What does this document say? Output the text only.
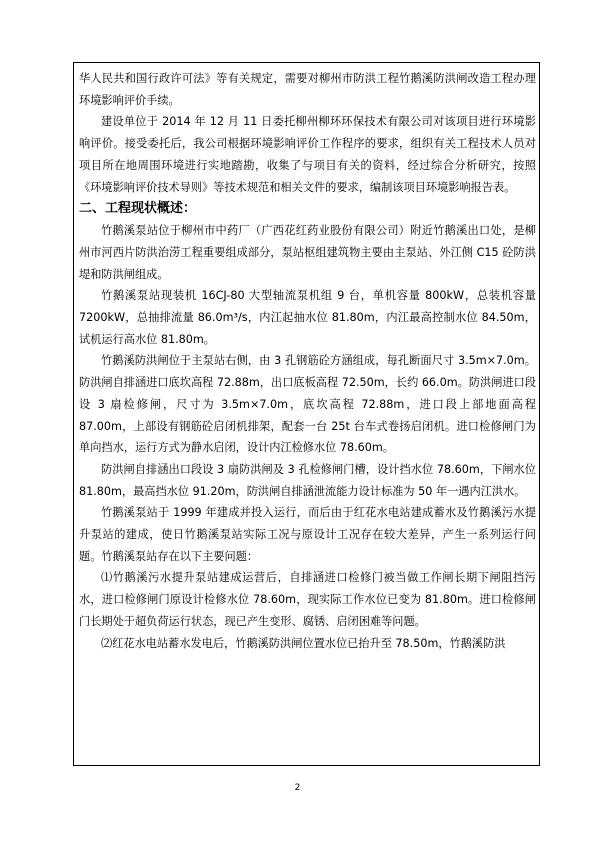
华人民共和国行政许可法》等有关规定，需要对柳州市防洪工程竹鹅溪防洪闸改造工程办理环境影响评价手续。

建设单位于 2014 年 12 月 11 日委托柳州柳环环保技术有限公司对该项目进行环境影响评价。接受委托后，我公司根据环境影响评价工作程序的要求，组织有关工程技术人员对项目所在地周围环境进行实地踏勘，收集了与项目有关的资料，经过综合分析研究，按照《环境影响评价技术导则》等技术规范和相关文件的要求，编制该项目环境影响报告表。

二、工程现状概述：

竹鹅溪泵站位于柳州市中药厂（广西花红药业股份有限公司）附近竹鹅溪出口处，是柳州市河西片防洪治涝工程重要组成部分，泵站枢组建筑物主要由主泵站、外江侧 C15 砼防洪堤和防洪闸组成。

竹鹅溪泵站现装机 16CJ-80 大型轴流泵机组 9 台，单机容量 800kW，总装机容量 7200kW，总抽排流量 86.0m³/s，内江起抽水位 81.80m，内江最高控制水位 84.50m，试机运行高水位 81.80m。

竹鹅溪防洪闸位于主泵站右侧，由 3 孔钢筋砼方涵组成，每孔断面尺寸 3.5m×7.0m。防洪闸自排涵进口底坎高程 72.88m，出口底板高程 72.50m，长约 66.0m。防洪闸进口段设 3 扇检修闸，尺寸为 3.5m×7.0m，底坎高程 72.88m，进口段上部地面高程 87.00m，上部设有钢筋砼启闭机排架，配套一台 25t 台车式卷扬启闭机。进口检修闸门为单向挡水，运行方式为静水启闭，设计内江检修水位 78.60m。

防洪闸自排涵出口段设 3 扇防洪闸及 3 孔检修闸门槽，设计挡水位 78.60m，下闸水位 81.80m，最高挡水位 91.20m，防洪闸自排涵泄流能力设计标准为 50 年一遇内江洪水。

竹鹅溪泵站于 1999 年建成并投入运行，而后由于红花水电站建成蓄水及竹鹅溪污水提升泵站的建成，使日竹鹅溪泵站实际工况与原设计工况存在较大差异，产生一系列运行问题。竹鹅溪泵站存在以下主要问题：

⑴竹鹅溪污水提升泵站建成运营后，自排涵进口检修门被当做工作闸长期下闸阻挡污水，进口检修闸门原设计检修水位 78.60m，现实际工作水位已变为 81.80m。进口检修闸门长期处于超负荷运行状态，现已产生变形、腐锈、启闭困难等问题。

⑵红花水电站蓄水发电后，竹鹅溪防洪闸位置水位已抬升至 78.50m，竹鹅溪防洪

2
